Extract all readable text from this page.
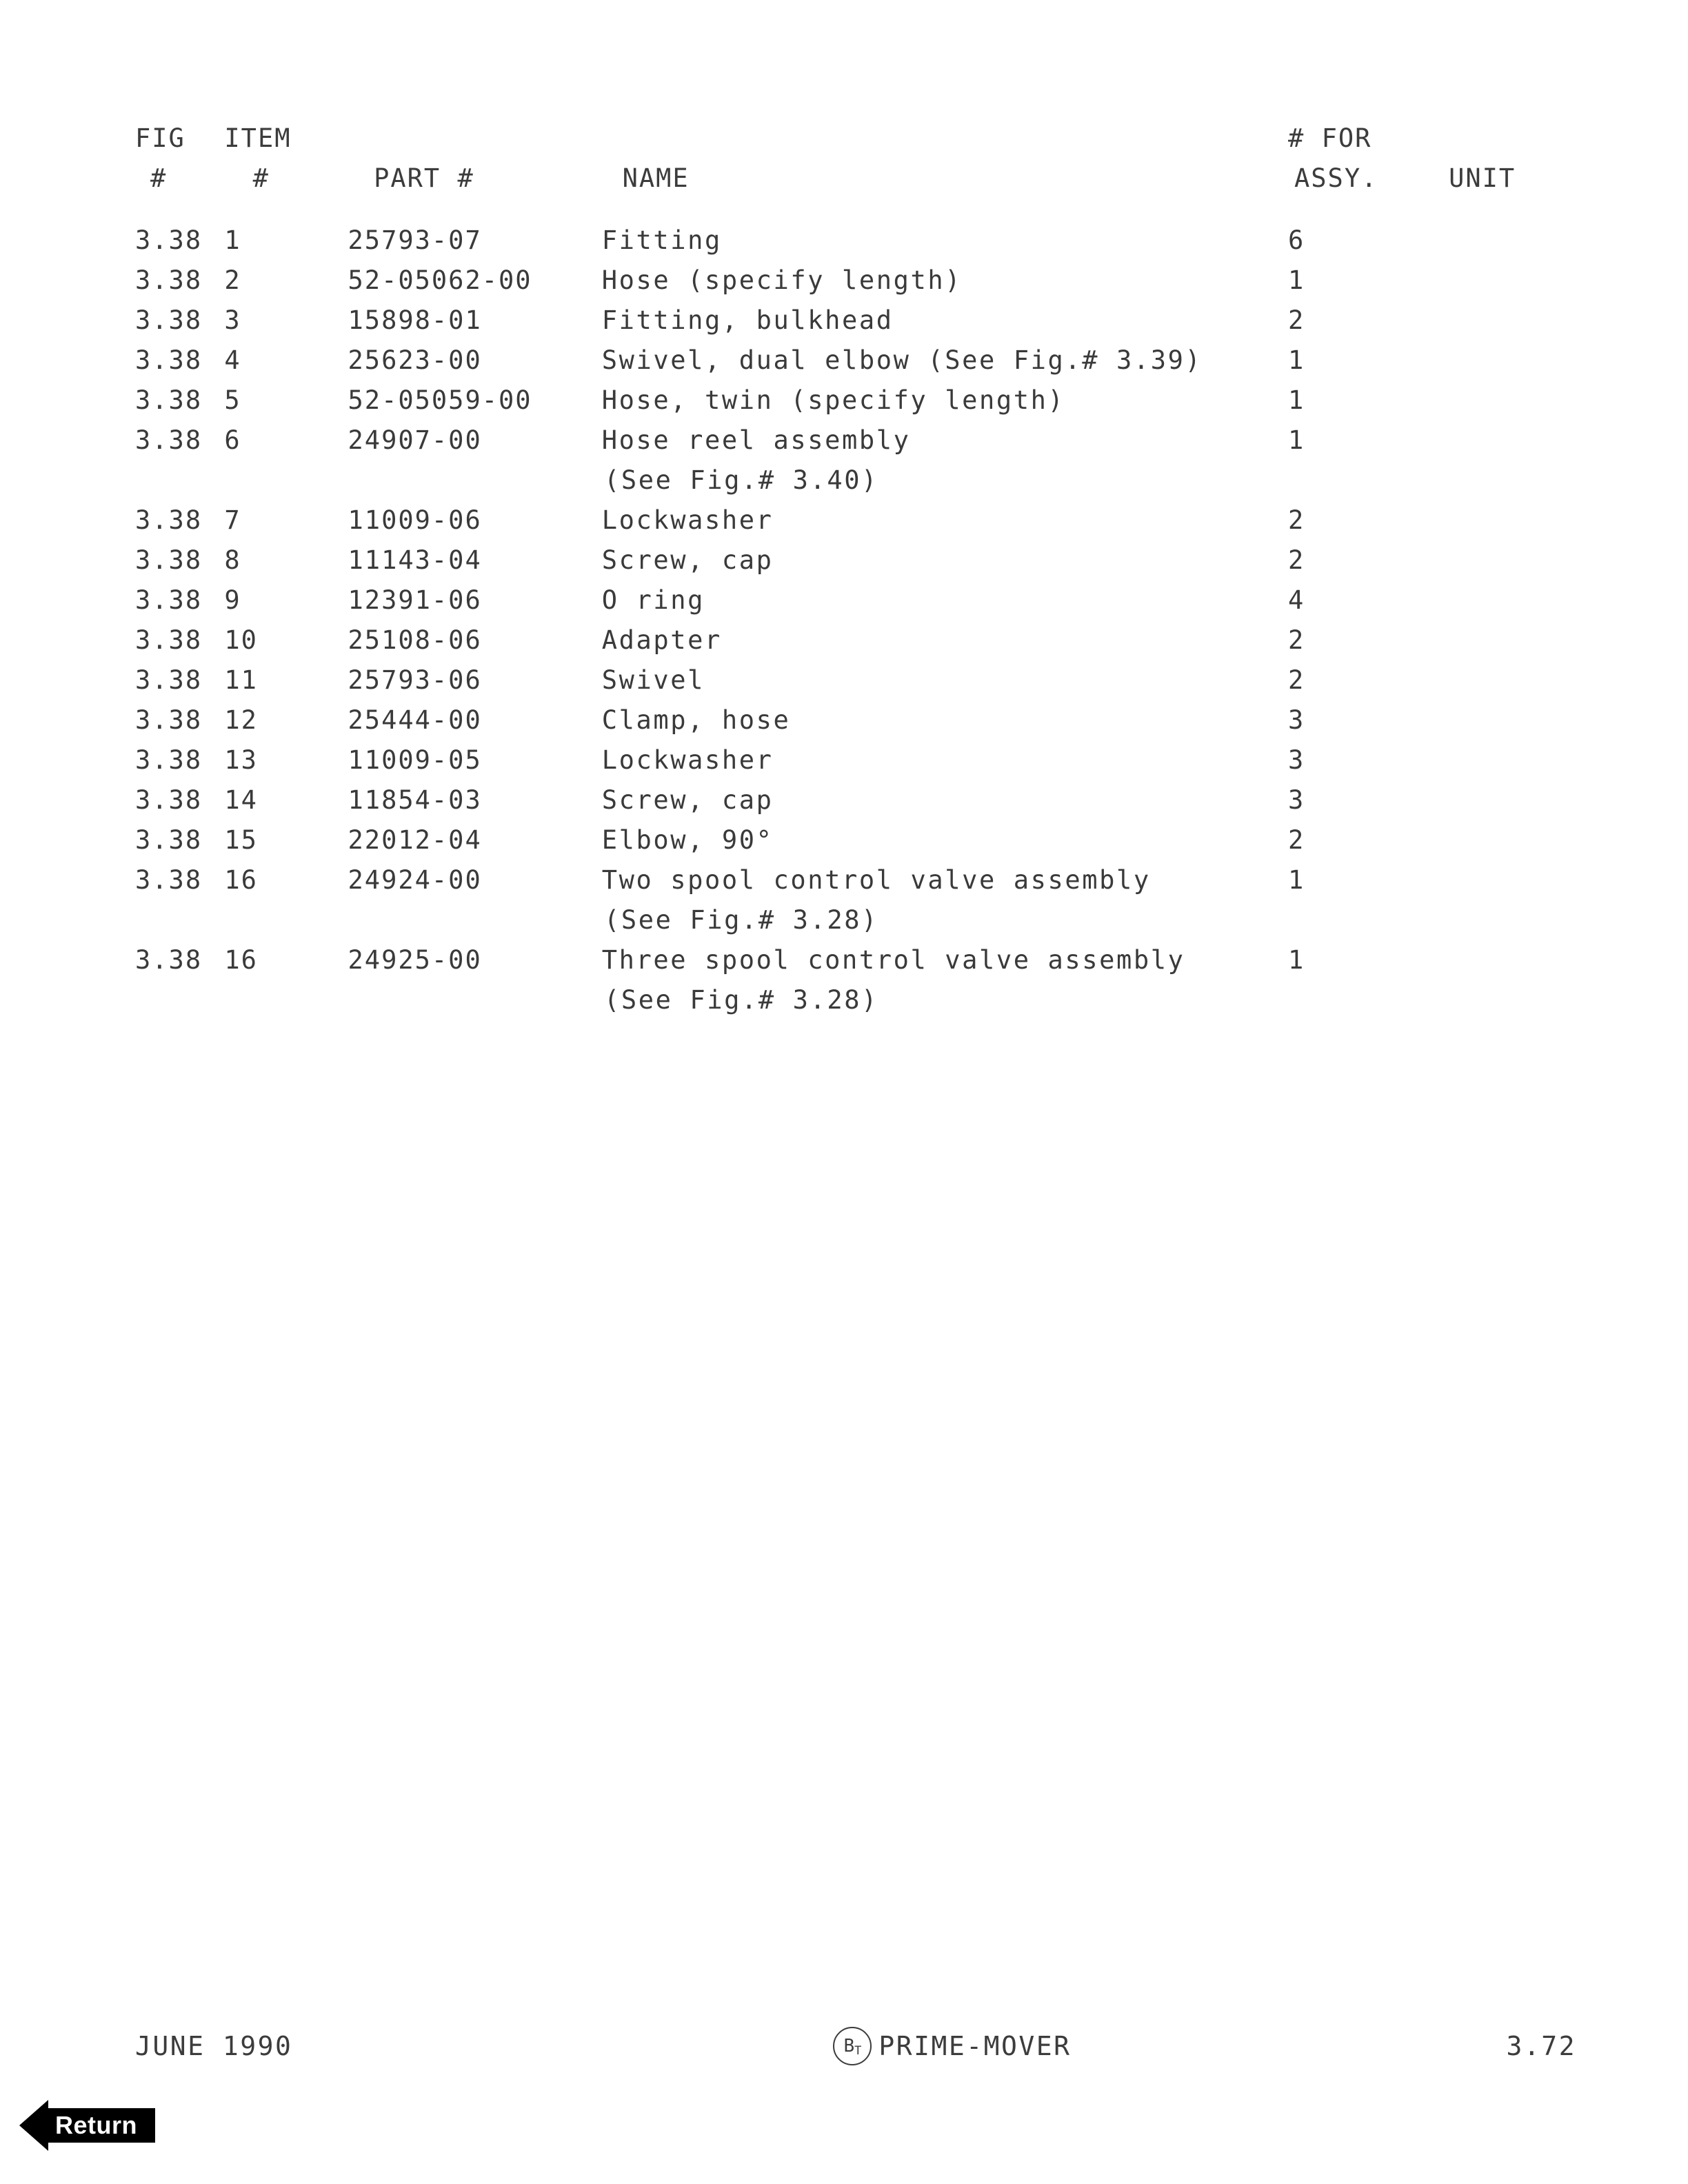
FIG	ITEM	# FOR
#	#	PART #	NAME	ASSY.	UNIT
3.38 1	25793-07	Fitting	6
3.38 2	52-05062-00	Hose (specify length)	1
3.38 3	15898-01	Fitting, bulkhead	2
3.38 4	25623-00	Swivel, dual elbow (See Fig.# 3.39)	1
3.38 5	52-05059-00	Hose, twin (specify length)	1
3.38 6	24907-00	Hose reel assembly	1
(See Fig.# 3.40)
3.38 7	11009-06	Lockwasher	2
3.38 8	11143-04	Screw, cap	2
3.38 9	12391-06	O ring	4
3.38 10	25108-06	Adapter	2
3.38 11	25793-06	Swivel	2
3.38 12	25444-00	Clamp, hose	3
3.38 13	11009-05	Lockwasher	3
3.38 14	11854-03	Screw, cap	3
3.38 15	22012-04	Elbow, 90°	2
3.38 16	24924-00	Two spool control valve assembly	1
(See Fig.# 3.28)
3.38 16	24925-00	Three spool control valve assembly	1
(See Fig.# 3.28)
JUNE 1990	B T PRIME-MOVER	3.72
Return
